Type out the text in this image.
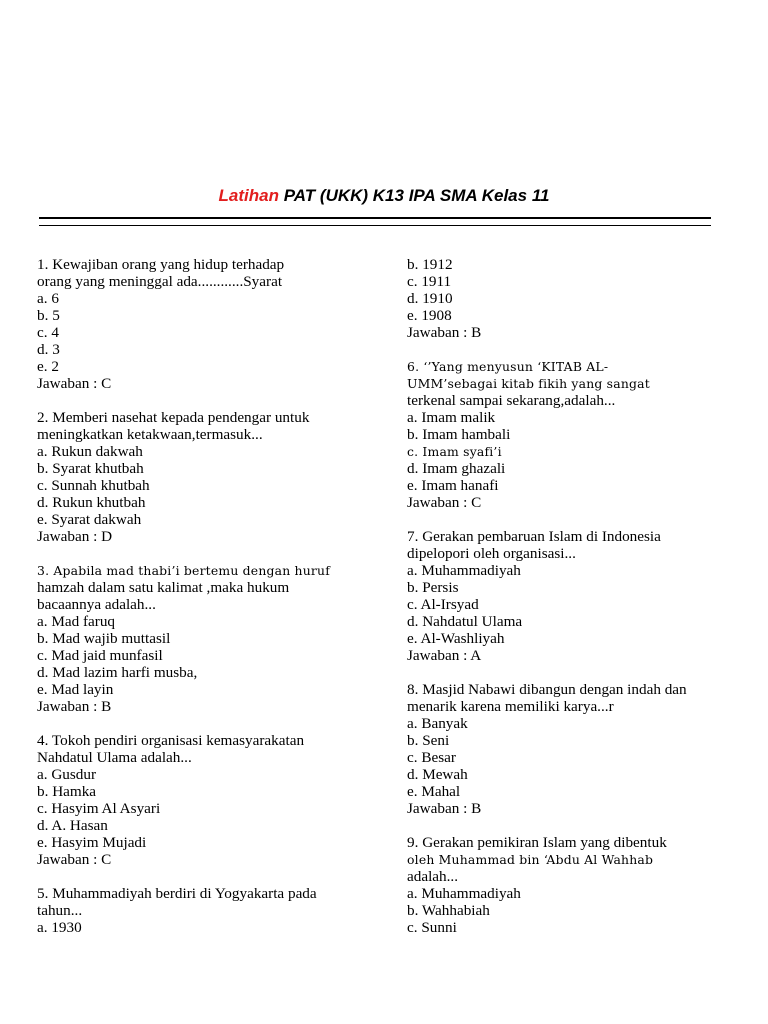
Latihan PAT (UKK) K13 IPA SMA Kelas 11
1. Kewajiban orang yang hidup terhadap
orang yang meninggal ada............Syarat
a. 6
b. 5
c. 4
d. 3
e. 2
Jawaban : C
2. Memberi nasehat kepada pendengar untuk
meningkatkan ketakwaan,termasuk...
a. Rukun dakwah
b. Syarat khutbah
c. Sunnah khutbah
d. Rukun khutbah
e. Syarat dakwah
Jawaban : D
3. Apabila mad thabi’i bertemu dengan huruf
hamzah dalam satu kalimat ,maka hukum
bacaannya adalah...
a. Mad faruq
b. Mad wajib muttasil
c. Mad jaid munfasil
d. Mad lazim harfi musba,
e. Mad layin
Jawaban : B
4. Tokoh pendiri organisasi kemasyarakatan
Nahdatul Ulama adalah...
a. Gusdur
b. Hamka
c. Hasyim Al Asyari
d. A. Hasan
e. Hasyim Mujadi
Jawaban : C
5. Muhammadiyah berdiri di Yogyakarta pada
tahun...
a. 1930
b. 1912
c. 1911
d. 1910
e. 1908
Jawaban : B
6. ‘’Yang menyusun ‘KITAB AL-
UMM’sebagai kitab fikih yang sangat
terkenal sampai sekarang,adalah...
a. Imam malik
b. Imam hambali
c. Imam syafi’i
d. Imam ghazali
e. Imam hanafi
Jawaban : C
7. Gerakan pembaruan Islam di Indonesia
dipelopori oleh organisasi...
a. Muhammadiyah
b. Persis
c. Al-Irsyad
d. Nahdatul Ulama
e. Al-Washliyah
Jawaban : A
8. Masjid Nabawi dibangun dengan indah dan
menarik karena memiliki karya...r
a. Banyak
b. Seni
c. Besar
d. Mewah
e. Mahal
Jawaban : B
9. Gerakan pemikiran Islam yang dibentuk
oleh Muhammad bin ‘Abdu Al Wahhab
adalah...
a. Muhammadiyah
b. Wahhabiah
c. Sunni
